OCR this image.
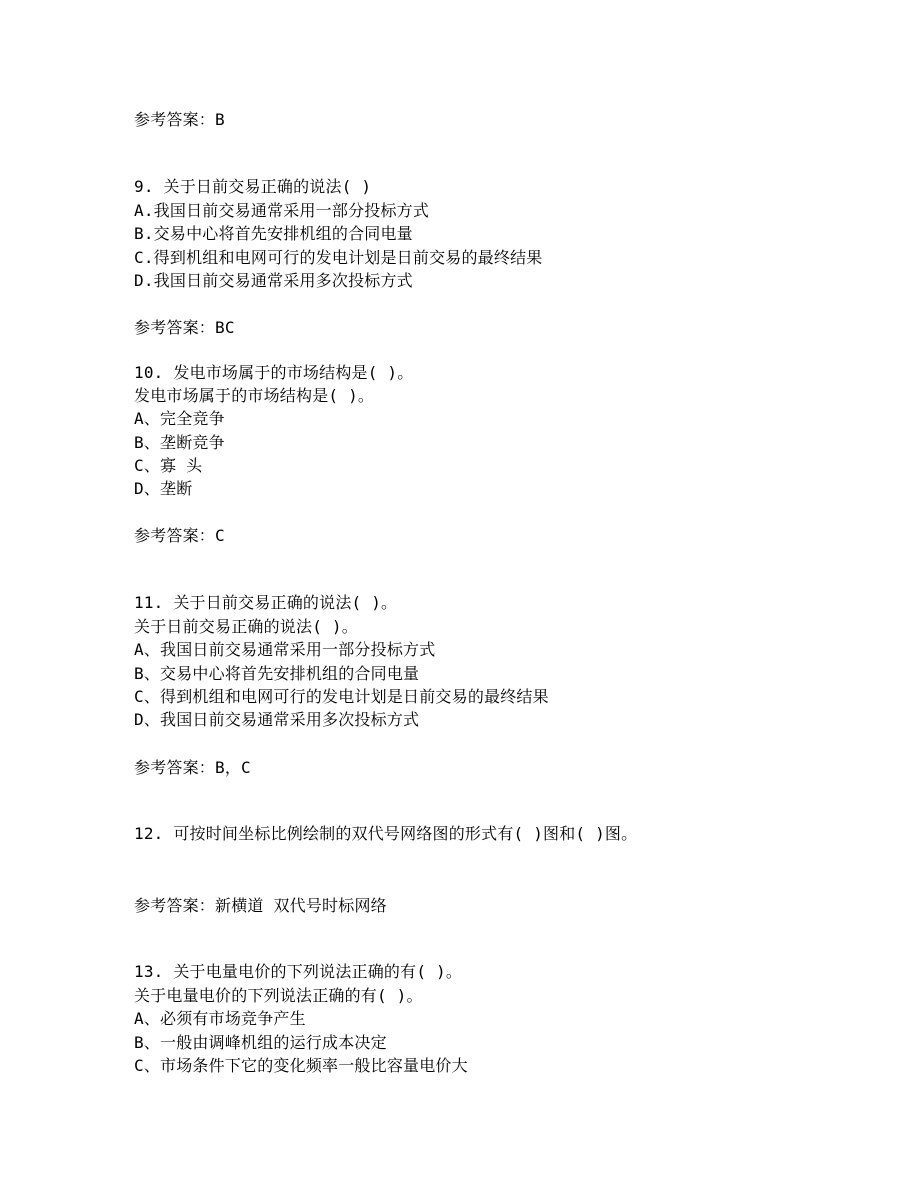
参考答案：B
9. 关于日前交易正确的说法( )
A.我国日前交易通常采用一部分投标方式
B.交易中心将首先安排机组的合同电量
C.得到机组和电网可行的发电计划是日前交易的最终结果
D.我国日前交易通常采用多次投标方式
参考答案：BC
10. 发电市场属于的市场结构是( )。
发电市场属于的市场结构是( )。
A、完全竞争
B、垄断竞争
C、寡 头
D、垄断
参考答案：C
11. 关于日前交易正确的说法( )。
关于日前交易正确的说法( )。
A、我国日前交易通常采用一部分投标方式
B、交易中心将首先安排机组的合同电量
C、得到机组和电网可行的发电计划是日前交易的最终结果
D、我国日前交易通常采用多次投标方式
参考答案：B，C
12. 可按时间坐标比例绘制的双代号网络图的形式有( )图和( )图。
参考答案：新横道 双代号时标网络
13. 关于电量电价的下列说法正确的有( )。
关于电量电价的下列说法正确的有( )。
A、必须有市场竞争产生
B、一般由调峰机组的运行成本决定
C、市场条件下它的变化频率一般比容量电价大
